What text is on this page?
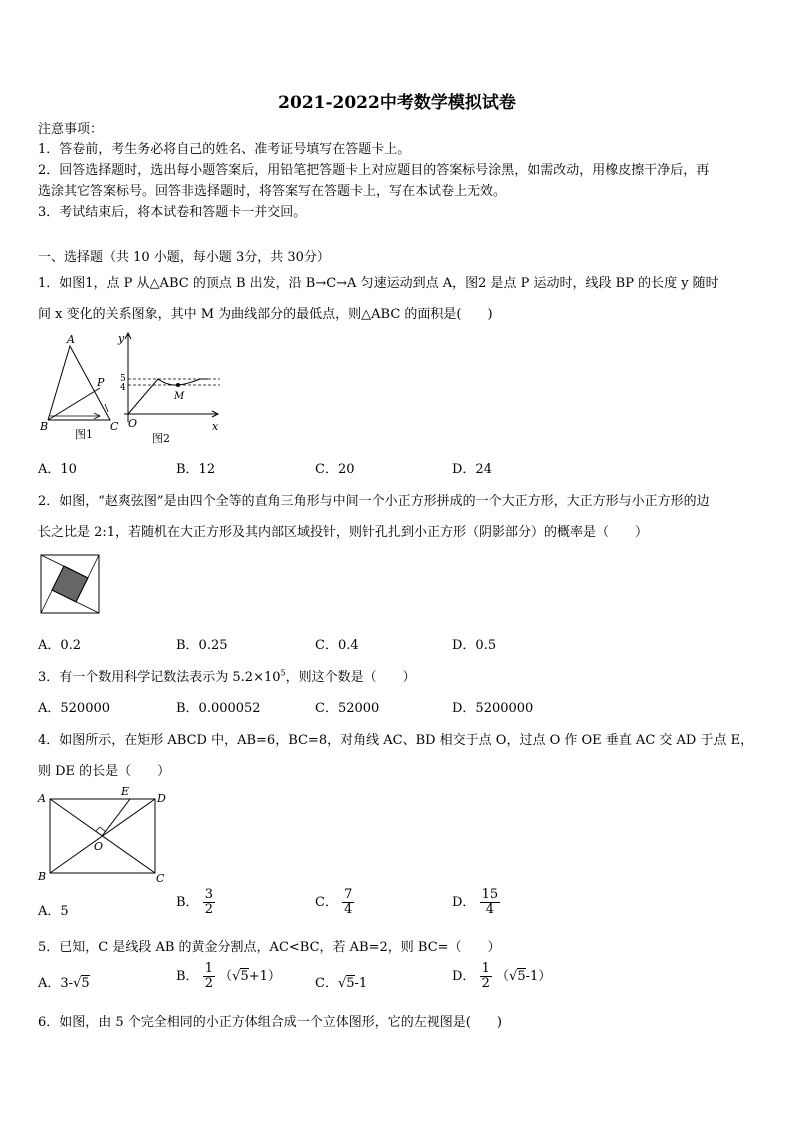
2021-2022中考数学模拟试卷
注意事项：
1．答卷前，考生务必将自己的姓名、准考证号填写在答题卡上。
2．回答选择题时，选出每小题答案后，用铅笔把答题卡上对应题目的答案标号涂黑，如需改动，用橡皮擦干净后，再
选涂其它答案标号。回答非选择题时，将答案写在答题卡上，写在本试卷上无效。
3．考试结束后，将本试卷和答题卡一并交回。
一、选择题（共 10 小题，每小题 3分，共 30分）
1．如图1，点 P 从△ABC 的顶点 B 出发，沿 B→C→A 匀速运动到点 A，图2 是点 P 运动时，线段 BP 的长度 y 随时
间 x 变化的关系图象，其中 M 为曲线部分的最低点，则△ABC 的面积是(　　)
A
B	C
P
图1
y
x
O
5
4
M
图2
A．10	B．12	C．20	D．24
2．如图，“赵爽弦图”是由四个全等的直角三角形与中间一个小正方形拼成的一个大正方形，大正方形与小正方形的边
长之比是 2:1，若随机在大正方形及其内部区域投针，则针孔扎到小正方形（阴影部分）的概率是（　　）
A．0.2	B．0.25	C．0.4	D．0.5
3．有一个数用科学记数法表示为 $5.2\times 10^5$，则这个数是（　　）
A．520000	B．0.000052	C．52000	D．5200000
4．如图所示，在矩形 ABCD 中，AB=6，BC=8，对角线 AC、BD 相交于点 O，过点 O 作 OE 垂直 AC 交 AD 于点 E，
则 DE 的长是（　　）
A
B	C
D
E
O
A．5
B． $\frac{3}{2}$	C． $\frac{7}{4}$	D． $\frac{15}{4}$
5．已知，C 是线段 AB 的黄金分割点，AC<BC，若 AB=2，则 BC=（　　）
A．3-√5	B． $\frac{1}{2} (√5+1)$	C．√5-1	D． $\frac{1}{2} (√5-1)$
6．如图，由 5 个完全相同的小正方体组合成一个立体图形，它的左视图是(　　)
